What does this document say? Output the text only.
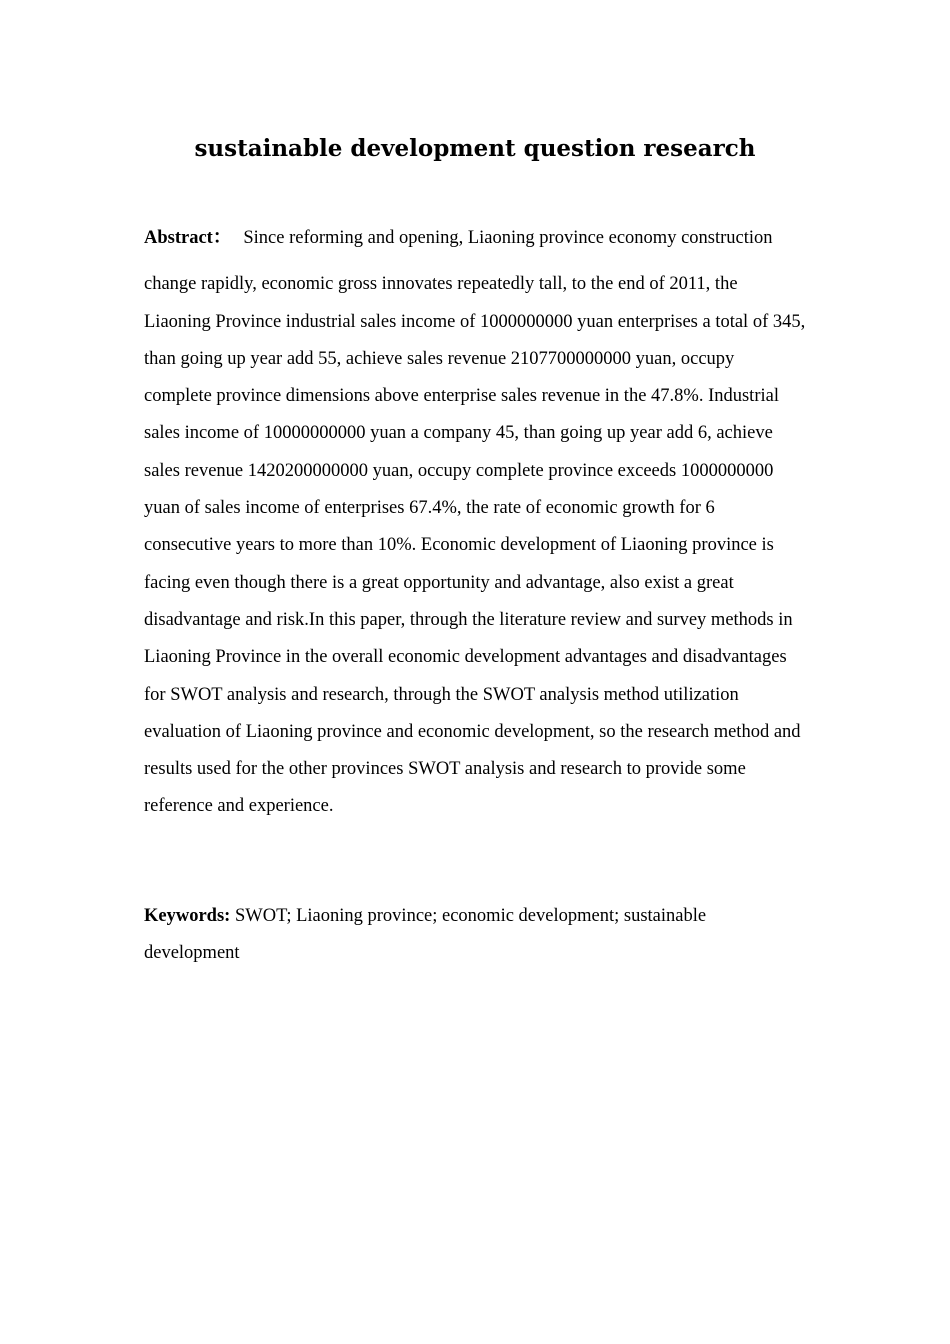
sustainable development question research
Abstract： Since reforming and opening, Liaoning province economy construction
change rapidly, economic gross innovates repeatedly tall, to the end of 2011, the Liaoning Province industrial sales income of 1000000000 yuan enterprises a total of 345, than going up year add 55, achieve sales revenue 2107700000000 yuan, occupy complete province dimensions above enterprise sales revenue in the 47.8%. Industrial sales income of 10000000000 yuan a company 45, than going up year add 6, achieve sales revenue 1420200000000 yuan, occupy complete province exceeds 1000000000 yuan of sales income of enterprises 67.4%, the rate of economic growth for 6 consecutive years to more than 10%. Economic development of Liaoning province is facing even though there is a great opportunity and advantage, also exist a great disadvantage and risk.In this paper, through the literature review and survey methods in Liaoning Province in the overall economic development advantages and disadvantages for SWOT analysis and research, through the SWOT analysis method utilization evaluation of Liaoning province and economic development, so the research method and results used for the other provinces SWOT analysis and research to provide some reference and experience.
Keywords: SWOT; Liaoning province; economic development; sustainable development
